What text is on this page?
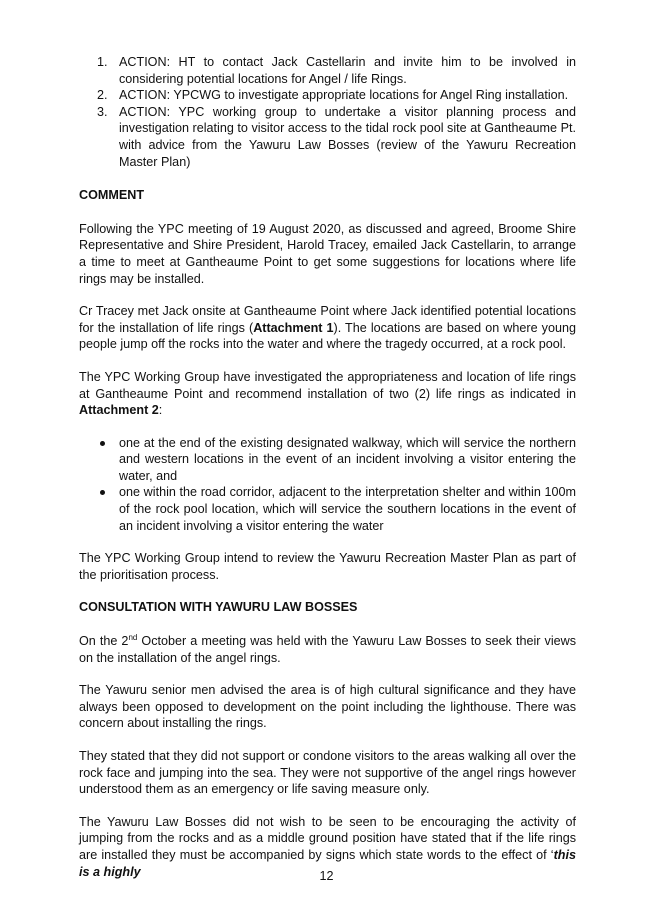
1. ACTION: HT to contact Jack Castellarin and invite him to be involved in considering potential locations for Angel / life Rings.
2. ACTION: YPCWG to investigate appropriate locations for Angel Ring installation.
3. ACTION: YPC working group to undertake a visitor planning process and investigation relating to visitor access to the tidal rock pool site at Gantheaume Pt. with advice from the Yawuru Law Bosses (review of the Yawuru Recreation Master Plan)

COMMENT

Following the YPC meeting of 19 August 2020, as discussed and agreed, Broome Shire Representative and Shire President, Harold Tracey, emailed Jack Castellarin, to arrange a time to meet at Gantheaume Point to get some suggestions for locations where life rings may be installed.

Cr Tracey met Jack onsite at Gantheaume Point where Jack identified potential locations for the installation of life rings (Attachment 1). The locations are based on where young people jump off the rocks into the water and where the tragedy occurred, at a rock pool.

The YPC Working Group have investigated the appropriateness and location of life rings at Gantheaume Point and recommend installation of two (2) life rings as indicated in Attachment 2:

one at the end of the existing designated walkway, which will service the northern and western locations in the event of an incident involving a visitor entering the water, and
one within the road corridor, adjacent to the interpretation shelter and within 100m of the rock pool location, which will service the southern locations in the event of an incident involving a visitor entering the water

The YPC Working Group intend to review the Yawuru Recreation Master Plan as part of the prioritisation process.

CONSULTATION WITH YAWURU LAW BOSSES

On the 2nd October a meeting was held with the Yawuru Law Bosses to seek their views on the installation of the angel rings.

The Yawuru senior men advised the area is of high cultural significance and they have always been opposed to development on the point including the lighthouse. There was concern about installing the rings.

They stated that they did not support or condone visitors to the areas walking all over the rock face and jumping into the sea. They were not supportive of the angel rings however understood them as an emergency or life saving measure only.

The Yawuru Law Bosses did not wish to be seen to be encouraging the activity of jumping from the rocks and as a middle ground position have stated that if the life rings are installed they must be accompanied by signs which state words to the effect of ‘this is a highly	12
